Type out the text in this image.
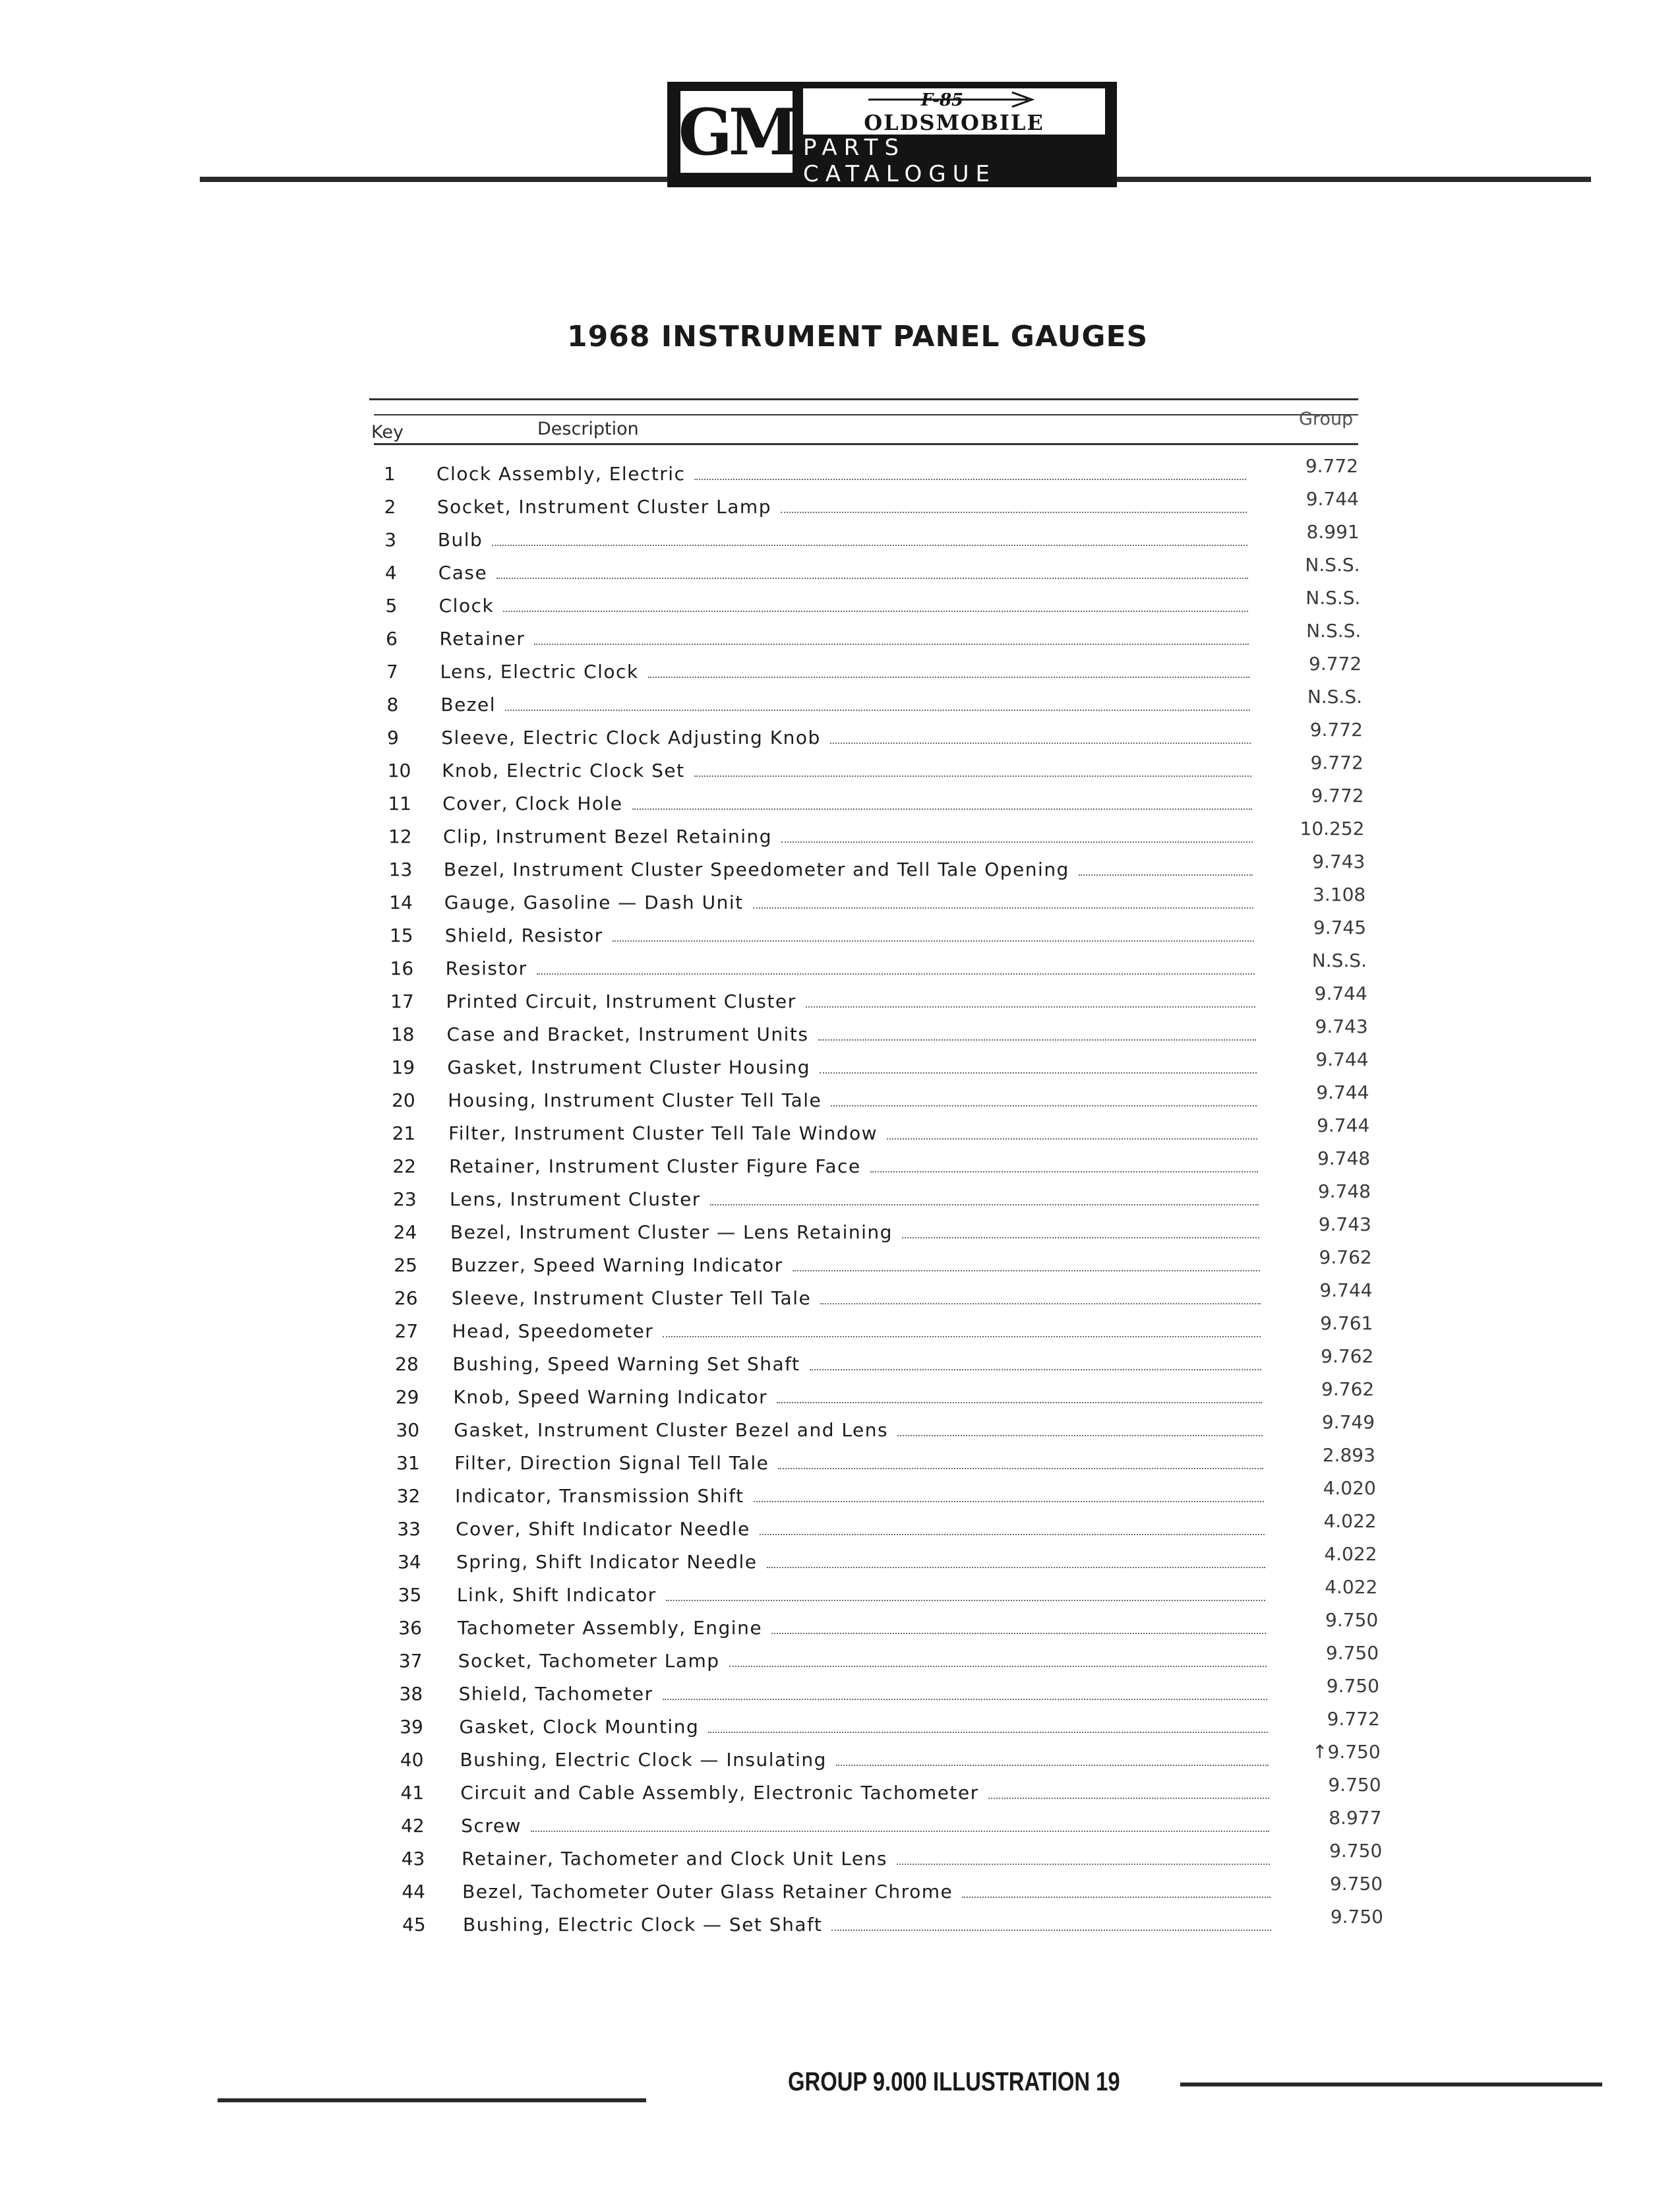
GM	F-85
OLDSMOBILE
PARTS CATALOGUE
1968 INSTRUMENT PANEL GAUGES
Key	Description	Group
1	Clock Assembly, Electric	9.772
2	Socket, Instrument Cluster Lamp	9.744
3	Bulb	8.991
4	Case	N.S.S.
5	Clock	N.S.S.
6	Retainer	N.S.S.
7	Lens, Electric Clock	9.772
8	Bezel	N.S.S.
9	Sleeve, Electric Clock Adjusting Knob	9.772
10	Knob, Electric Clock Set	9.772
11	Cover, Clock Hole	9.772
12	Clip, Instrument Bezel Retaining	10.252
13	Bezel, Instrument Cluster Speedometer and Tell Tale Opening	9.743
14	Gauge, Gasoline — Dash Unit	3.108
15	Shield, Resistor	9.745
16	Resistor	N.S.S.
17	Printed Circuit, Instrument Cluster	9.744
18	Case and Bracket, Instrument Units	9.743
19	Gasket, Instrument Cluster Housing	9.744
20	Housing, Instrument Cluster Tell Tale	9.744
21	Filter, Instrument Cluster Tell Tale Window	9.744
22	Retainer, Instrument Cluster Figure Face	9.748
23	Lens, Instrument Cluster	9.748
24	Bezel, Instrument Cluster — Lens Retaining	9.743
25	Buzzer, Speed Warning Indicator	9.762
26	Sleeve, Instrument Cluster Tell Tale	9.744
27	Head, Speedometer	9.761
28	Bushing, Speed Warning Set Shaft	9.762
29	Knob, Speed Warning Indicator	9.762
30	Gasket, Instrument Cluster Bezel and Lens	9.749
31	Filter, Direction Signal Tell Tale	2.893
32	Indicator, Transmission Shift	4.020
33	Cover, Shift Indicator Needle	4.022
34	Spring, Shift Indicator Needle	4.022
35	Link, Shift Indicator	4.022
36	Tachometer Assembly, Engine	9.750
37	Socket, Tachometer Lamp	9.750
38	Shield, Tachometer	9.750
39	Gasket, Clock Mounting	9.772
40	Bushing, Electric Clock — Insulating	↑9.750
41	Circuit and Cable Assembly, Electronic Tachometer	9.750
42	Screw	8.977
43	Retainer, Tachometer and Clock Unit Lens	9.750
44	Bezel, Tachometer Outer Glass Retainer Chrome	9.750
45	Bushing, Electric Clock — Set Shaft	9.750
GROUP 9.000 ILLUSTRATION 19
